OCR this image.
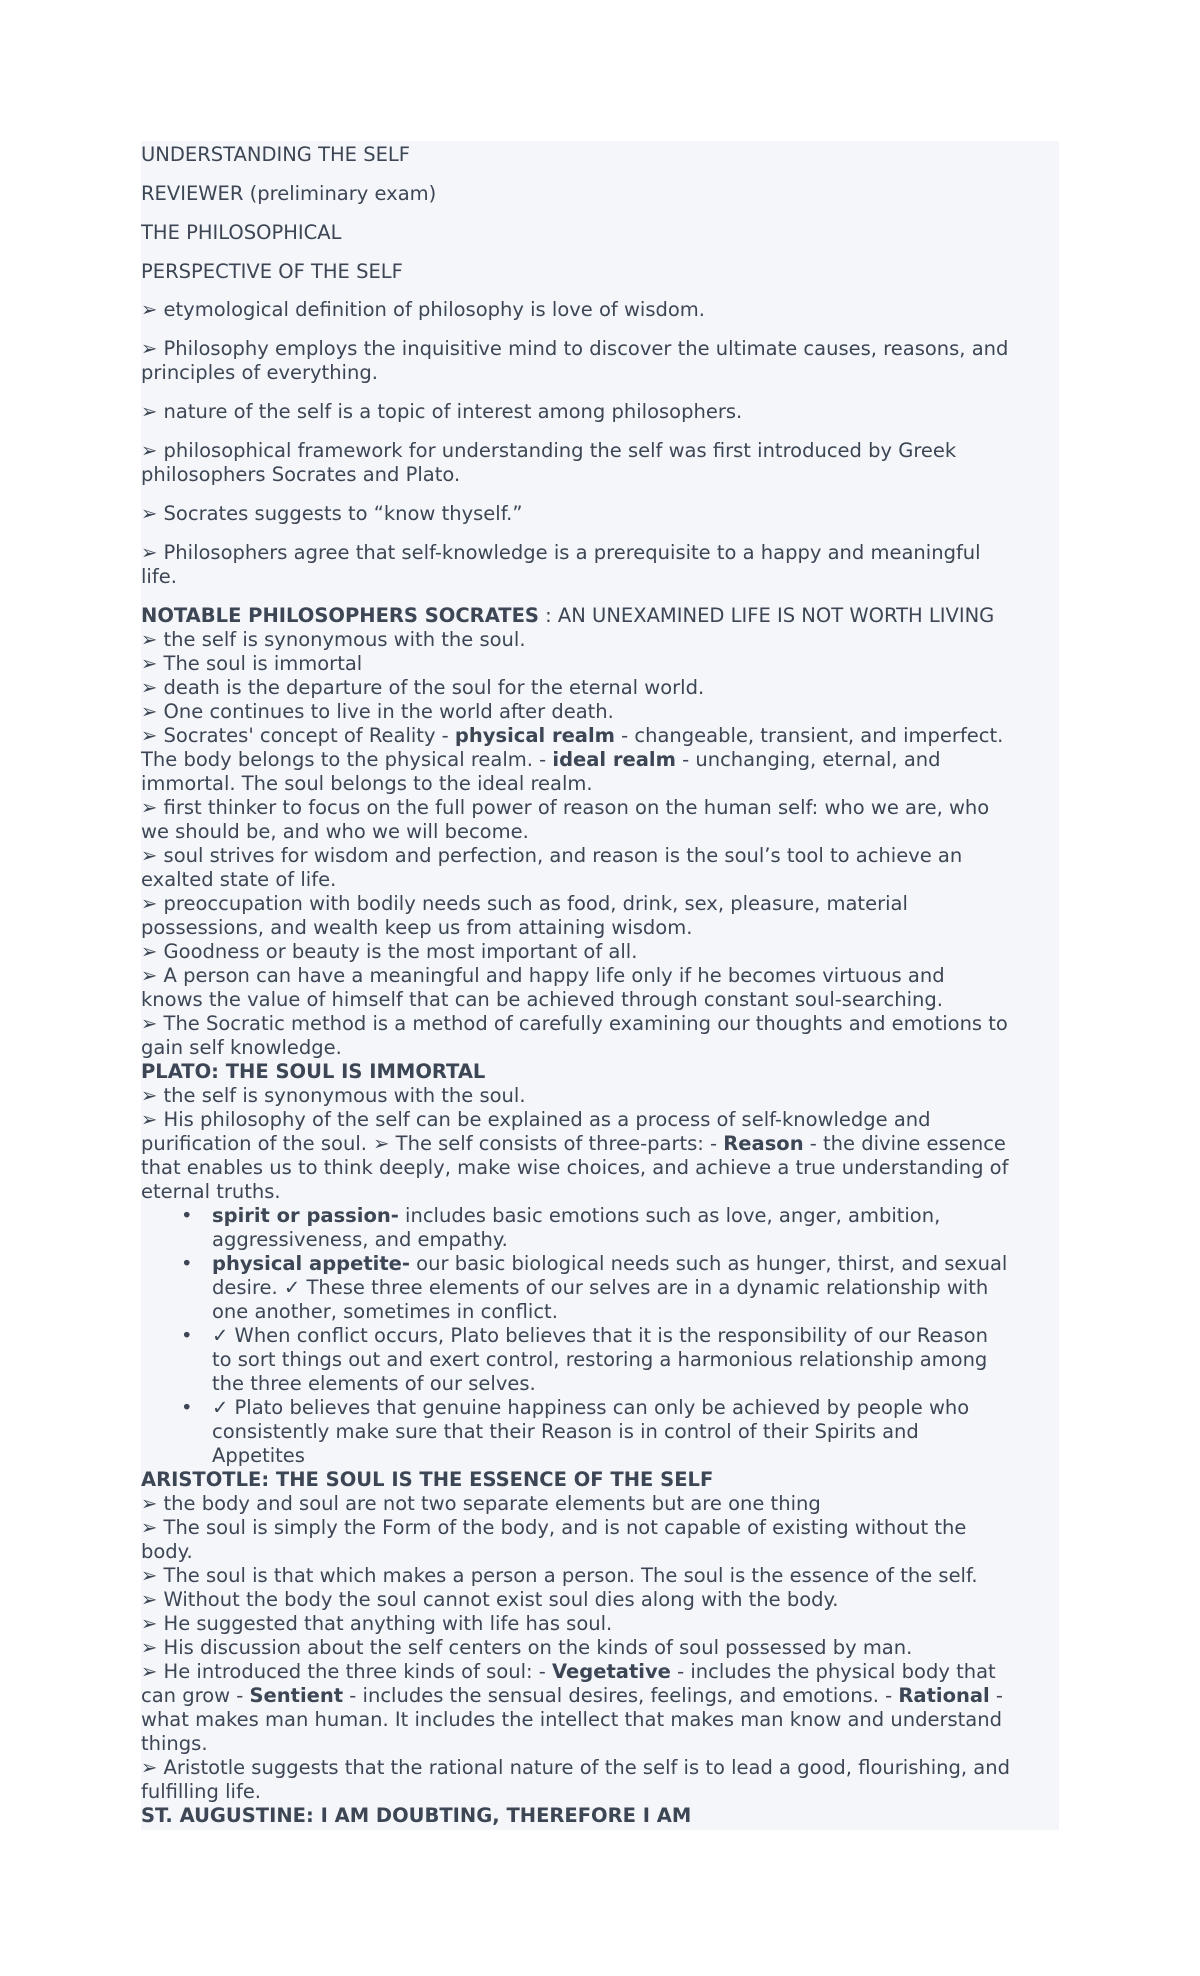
UNDERSTANDING THE SELF
REVIEWER (preliminary exam)
THE PHILOSOPHICAL
PERSPECTIVE OF THE SELF
➢ etymological definition of philosophy is love of wisdom.
➢ Philosophy employs the inquisitive mind to discover the ultimate causes, reasons, and
principles of everything.
➢ nature of the self is a topic of interest among philosophers.
➢ philosophical framework for understanding the self was first introduced by Greek
philosophers Socrates and Plato.
➢ Socrates suggests to “know thyself.”
➢ Philosophers agree that self-knowledge is a prerequisite to a happy and meaningful
life.
NOTABLE PHILOSOPHERS SOCRATES : AN UNEXAMINED LIFE IS NOT WORTH LIVING
➢ the self is synonymous with the soul.
➢ The soul is immortal
➢ death is the departure of the soul for the eternal world.
➢ One continues to live in the world after death.
➢ Socrates' concept of Reality - physical realm - changeable, transient, and imperfect.
The body belongs to the physical realm. - ideal realm - unchanging, eternal, and
immortal. The soul belongs to the ideal realm.
➢ first thinker to focus on the full power of reason on the human self: who we are, who
we should be, and who we will become.
➢ soul strives for wisdom and perfection, and reason is the soul’s tool to achieve an
exalted state of life.
➢ preoccupation with bodily needs such as food, drink, sex, pleasure, material
possessions, and wealth keep us from attaining wisdom.
➢ Goodness or beauty is the most important of all.
➢ A person can have a meaningful and happy life only if he becomes virtuous and
knows the value of himself that can be achieved through constant soul-searching.
➢ The Socratic method is a method of carefully examining our thoughts and emotions to
gain self knowledge.
PLATO: THE SOUL IS IMMORTAL
➢ the self is synonymous with the soul.
➢ His philosophy of the self can be explained as a process of self-knowledge and
purification of the soul. ➢ The self consists of three-parts: - Reason - the divine essence
that enables us to think deeply, make wise choices, and achieve a true understanding of
eternal truths.
• spirit or passion- includes basic emotions such as love, anger, ambition,
aggressiveness, and empathy.
• physical appetite- our basic biological needs such as hunger, thirst, and sexual
desire. ✓ These three elements of our selves are in a dynamic relationship with
one another, sometimes in conflict.
• ✓ When conflict occurs, Plato believes that it is the responsibility of our Reason
to sort things out and exert control, restoring a harmonious relationship among
the three elements of our selves.
• ✓ Plato believes that genuine happiness can only be achieved by people who
consistently make sure that their Reason is in control of their Spirits and
Appetites
ARISTOTLE: THE SOUL IS THE ESSENCE OF THE SELF
➢ the body and soul are not two separate elements but are one thing
➢ The soul is simply the Form of the body, and is not capable of existing without the
body.
➢ The soul is that which makes a person a person. The soul is the essence of the self.
➢ Without the body the soul cannot exist soul dies along with the body.
➢ He suggested that anything with life has soul.
➢ His discussion about the self centers on the kinds of soul possessed by man.
➢ He introduced the three kinds of soul: - Vegetative - includes the physical body that
can grow - Sentient - includes the sensual desires, feelings, and emotions. - Rational -
what makes man human. It includes the intellect that makes man know and understand
things.
➢ Aristotle suggests that the rational nature of the self is to lead a good, flourishing, and
fulfilling life.
ST. AUGUSTINE: I AM DOUBTING, THEREFORE I AM
